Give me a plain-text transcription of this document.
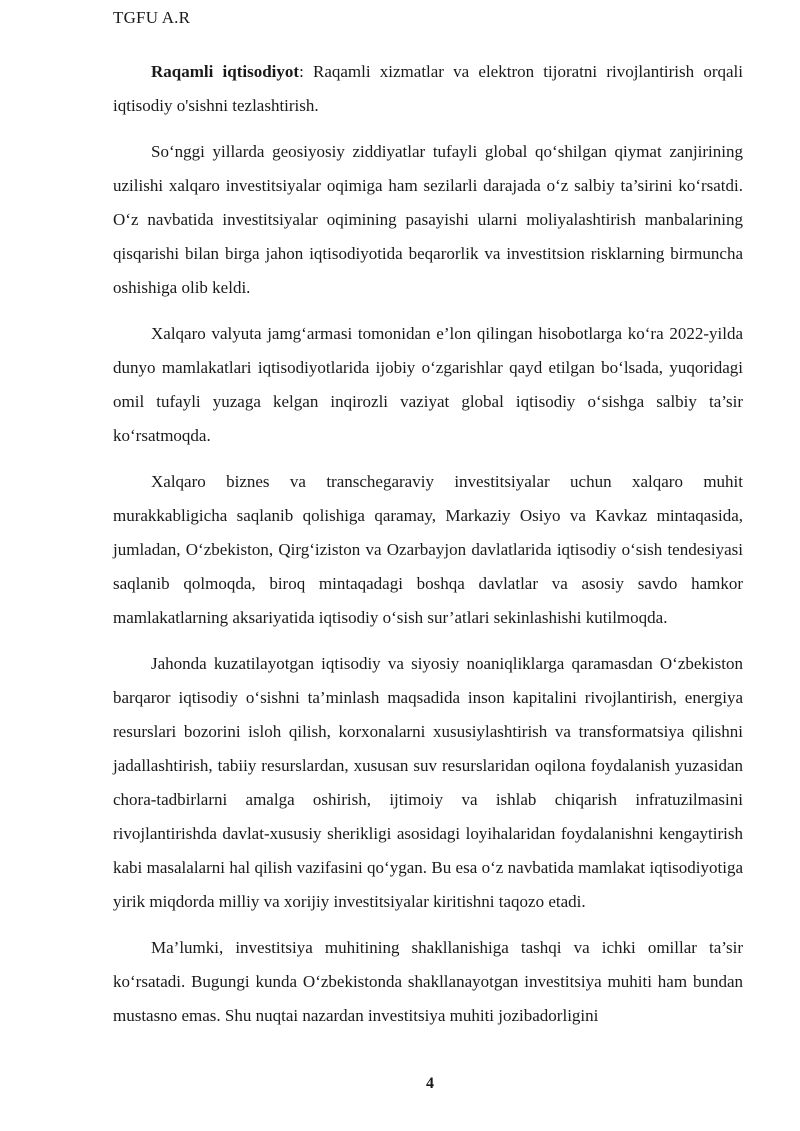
TGFU A.R

Raqamli iqtisodiyot: Raqamli xizmatlar va elektron tijoratni rivojlantirish orqali iqtisodiy o'sishni tezlashtirish.

So‘nggi yillarda geosiyosiy ziddiyatlar tufayli global qo‘shilgan qiymat zanjirining uzilishi xalqaro investitsiyalar oqimiga ham sezilarli darajada o‘z salbiy ta’sirini ko‘rsatdi. O‘z navbatida investitsiyalar oqimining pasayishi ularni moliyalashtirish manbalarining qisqarishi bilan birga jahon iqtisodiyotida beqarorlik va investitsion risklarning birmuncha oshishiga olib keldi.

Xalqaro valyuta jamg‘armasi tomonidan e’lon qilingan hisobotlarga ko‘ra 2022-yilda dunyo mamlakatlari iqtisodiyotlarida ijobiy o‘zgarishlar qayd etilgan bo‘lsada, yuqoridagi omil tufayli yuzaga kelgan inqirozli vaziyat global iqtisodiy o‘sishga salbiy ta’sir ko‘rsatmoqda.

Xalqaro biznes va transchegaraviy investitsiyalar uchun xalqaro muhit murakkabligicha saqlanib qolishiga qaramay, Markaziy Osiyo va Kavkaz mintaqasida, jumladan, O‘zbekiston, Qirg‘iziston va Ozarbayjon davlatlarida iqtisodiy o‘sish tendesiyasi saqlanib qolmoqda, biroq mintaqadagi boshqa davlatlar va asosiy savdo hamkor mamlakatlarning aksariyatida iqtisodiy o‘sish sur’atlari sekinlashishi kutilmoqda.

Jahonda kuzatilayotgan iqtisodiy va siyosiy noaniqliklarga qaramasdan O‘zbekiston barqaror iqtisodiy o‘sishni ta’minlash maqsadida inson kapitalini rivojlantirish, energiya resurslari bozorini isloh qilish, korxonalarni xususiylashtirish va transformatsiya qilishni jadallashtirish, tabiiy resurslardan, xususan suv resurslaridan oqilona foydalanish yuzasidan chora-tadbirlarni amalga oshirish, ijtimoiy va ishlab chiqarish infratuzilmasini rivojlantirishda davlat-xususiy sherikligi asosidagi loyihalaridan foydalanishni kengaytirish kabi masalalarni hal qilish vazifasini qo‘ygan. Bu esa o‘z navbatida mamlakat iqtisodiyotiga yirik miqdorda milliy va xorijiy investitsiyalar kiritishni taqozo etadi.

Ma’lumki, investitsiya muhitining shakllanishiga tashqi va ichki omillar ta’sir ko‘rsatadi. Bugungi kunda O‘zbekistonda shakllanayotgan investitsiya muhiti ham bundan mustasno emas. Shu nuqtai nazardan investitsiya muhiti jozibadorligini

4
